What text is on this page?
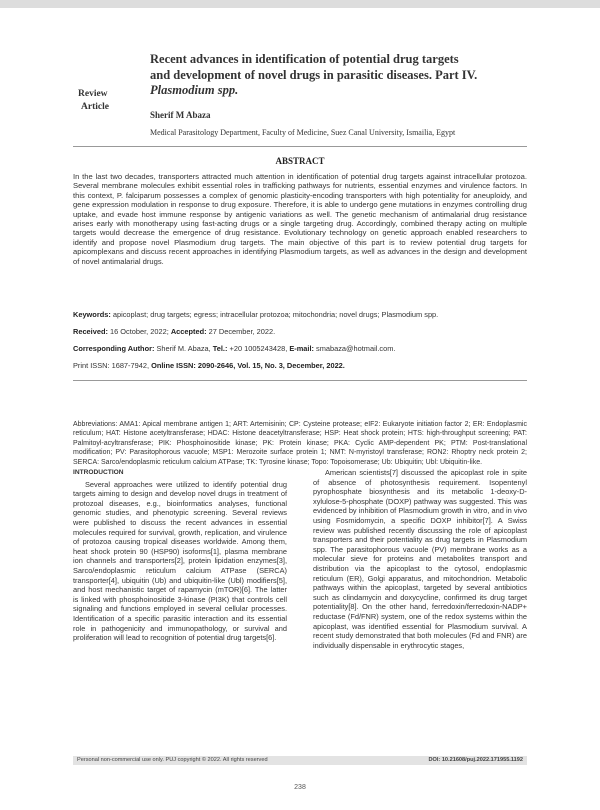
Review
Article
Recent advances in identification of potential drug targets
and development of novel drugs in parasitic diseases. Part IV.
Plasmodium spp.
Sherif M Abaza
Medical Parasitology Department, Faculty of Medicine, Suez Canal University, Ismailia, Egypt
ABSTRACT
In the last two decades, transporters attracted much attention in identification of potential drug targets against intracellular protozoa. Several membrane molecules exhibit essential roles in trafficking pathways for nutrients, essential enzymes and virulence factors. In this context, P. falciparum possesses a complex of genomic plasticity-encoding transporters with high potentiality for aneuploidy, and gene expression modulation in response to drug exposure. Therefore, it is able to undergo gene mutations in enzymes controlling drug uptake, and evade host immune response by antigenic variations as well. The genetic mechanism of antimalarial drug resistance arises early with monotherapy using fast-acting drugs or a single targeting drug. Accordingly, combined therapy acting on multiple targets would decrease the emergence of drug resistance. Evolutionary technology on genetic approach enabled researchers to identify and propose novel Plasmodium drug targets. The main objective of this part is to review potential drug targets for apicomplexans and discuss recent approaches in identifying Plasmodium targets, as well as advances in the design and development of novel antimalarial drugs.
Keywords: apicoplast; drug targets; egress; intracellular protozoa; mitochondria; novel drugs; Plasmodium spp.
Received: 16 October, 2022; Accepted: 27 December, 2022.
Corresponding Author: Sherif M. Abaza, Tel.: +20 1005243428, E-mail: smabaza@hotmail.com.
Print ISSN: 1687-7942, Online ISSN: 2090-2646, Vol. 15, No. 3, December, 2022.
Abbreviations: AMA1: Apical membrane antigen 1; ART: Artemisinin; CP: Cysteine protease; eIF2: Eukaryote initiation factor 2; ER: Endoplasmic reticulum; HAT: Histone acetyltransferase; HDAC: Histone deacetyltransferase; HSP: Heat shock protein; HTS: high-throughput screening; PAT: Palmitoyl-acyltransferase; PIK: Phosphoinositide kinase; PK: Protein kinase; PKA: Cyclic AMP-dependent PK; PTM: Post-translational modification; PV: Parasitophorous vacuole; MSP1: Merozoite surface protein 1; NMT: N-myristoyl transferase; RON2: Rhoptry neck protein 2; SERCA: Sarco/endoplasmic reticulum calcium ATPase; TK: Tyrosine kinase; Topo: Topoisomerase; Ub: Ubiquitin; Ubl: Ubiquitin-like.

INTRODUCTION

Several approaches were utilized to identify potential drug targets aiming to design and develop novel drugs in treatment of protozoal diseases, e.g., bioinformatics analyses, functional genomic studies, and phenotypic screening. Several reviews were published to discuss the recent advances in essential molecules required for survival, growth, replication, and virulence of protozoa causing tropical diseases worldwide. Among them, heat shock protein 90 (HSP90) isoforms[1], plasma membrane ion channels and transporters[2], protein lipidation enzymes[3], Sarco/endoplasmic reticulum calcium ATPase (SERCA) transporter[4], ubiquitin (Ub) and ubiquitin-like (Ubl) modifiers[5], and host mechanistic target of rapamycin (mTOR)[6]. The latter is linked with phosphoinositide 3-kinase (PI3K) that controls cell signaling and functions employed in several cellular processes. Identification of a specific parasitic interaction and its essential role in pathogenicity and immunopathology, or survival and proliferation will lead to recognition of potential drug targets[6].

American scientists[7] discussed the apicoplast role in spite of absence of photosynthesis requirement. Isopentenyl pyrophosphate biosynthesis and its metabolic 1-deoxy-D-xylulose-5-phosphate (DOXP) pathway was suggested. This was evidenced by inhibition of Plasmodium growth in vitro, and in vivo using Fosmidomycin, a specific DOXP inhibitor[7]. A Swiss review was published recently discussing the role of apicoplast transporters and their potentiality as drug targets in Plasmodium spp. The parasitophorous vacuole (PV) membrane works as a molecular sieve for proteins and metabolites transport and distribution via the apicoplast to the cytosol, endoplasmic reticulum (ER), Golgi apparatus, and mitochondrion. Metabolic pathways within the apicoplast, targeted by several antibiotics such as clindamycin and doxycycline, confirmed its drug target potentiality[8]. On the other hand, ferredoxin/ferredoxin-NADP+ reductase (Fd/FNR) system, one of the redox systems within the apicoplast, was identified essential for Plasmodium survival. A recent study demonstrated that both molecules (Fd and FNR) are individually dispensable in erythrocytic stages,

Personal non-commercial use only. PUJ copyright © 2022. All rights reserved	DOI: 10.21608/puj.2022.171955.1192
238
